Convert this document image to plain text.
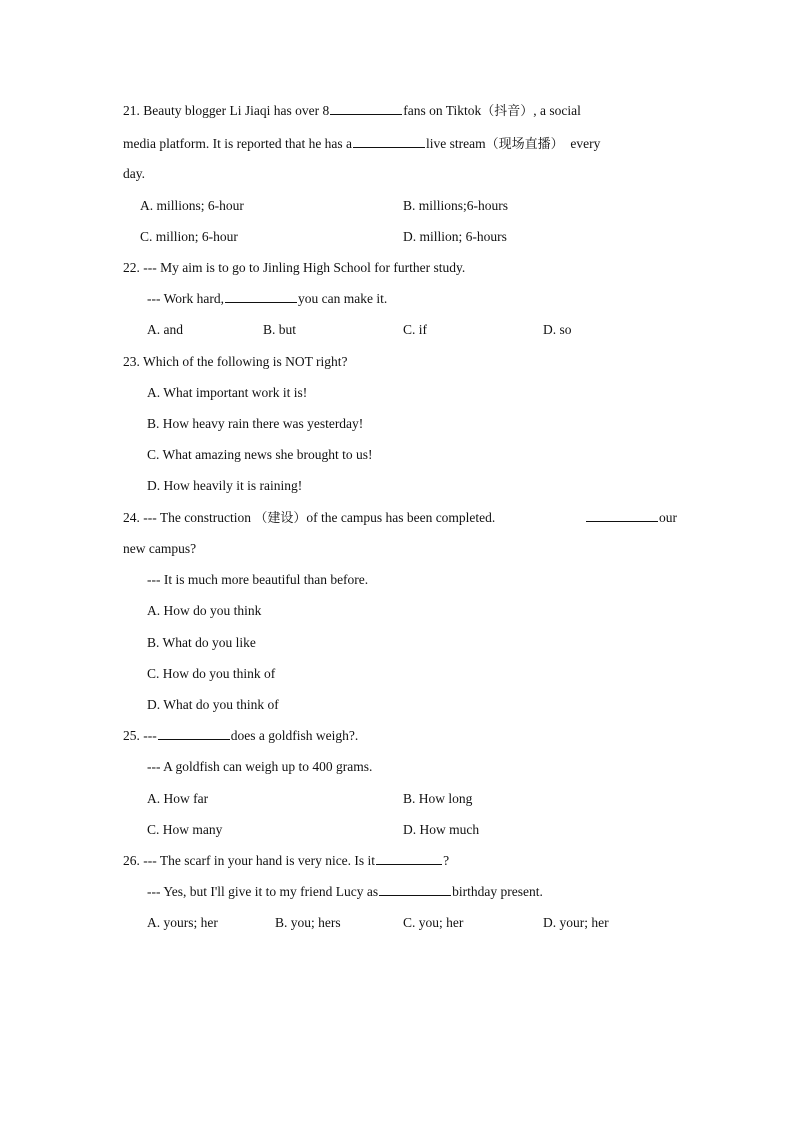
21. Beauty blogger Li Jiaqi has over 8	fans on Tiktok（抖音）, a social
media platform. It is reported that he has a	live stream（现场直播） every
day.
A. millions; 6-hour	B. millions;6-hours
C. million; 6-hour	D. million; 6-hours
22. --- My aim is to go to Jinling High School for further study.
--- Work hard,	you can make it.
A. and	B. but	C. if	D. so
23. Which of the following is NOT right?
A. What important work it is!
B. How heavy rain there was yesterday!
C. What amazing news she brought to us!
D. How heavily it is raining!
24. --- The construction （建设）of the campus has been completed.	our
new campus?
--- It is much more beautiful than before.
A. How do you think
B. What do you like
C. How do you think of
D. What do you think of
25. ---	does a goldfish weigh?.
--- A goldfish can weigh up to 400 grams.
A. How far	B. How long
C. How many	D. How much
26. --- The scarf in your hand is very nice. Is it	?
--- Yes, but I'll give it to my friend Lucy as	birthday present.
A. yours; her	B. you; hers	C. you; her	D. your; her
